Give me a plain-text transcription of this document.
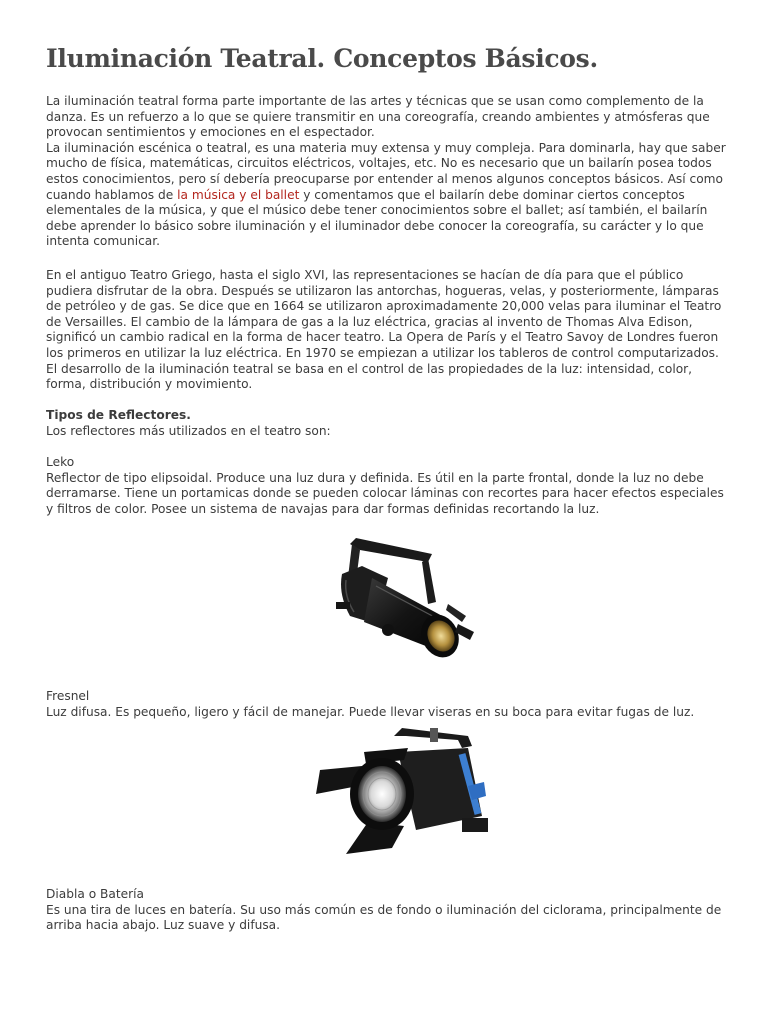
Iluminación Teatral. Conceptos Básicos.

La iluminación teatral forma parte importante de las artes y técnicas que se usan como complemento de la danza. Es un refuerzo a lo que se quiere transmitir en una coreografía, creando ambientes y atmósferas que provocan sentimientos y emociones en el espectador.

La iluminación escénica o teatral, es una materia muy extensa y muy compleja. Para dominarla, hay que saber mucho de física, matemáticas, circuitos eléctricos, voltajes, etc. No es necesario que un bailarín posea todos estos conocimientos, pero sí debería preocuparse por entender al menos algunos conceptos básicos. Así como cuando hablamos de la música y el ballet y comentamos que el bailarín debe dominar ciertos conceptos elementales de la música, y que el músico debe tener conocimientos sobre el ballet; así también, el bailarín debe aprender lo básico sobre iluminación y el iluminador debe conocer la coreografía, su carácter y lo que intenta comunicar.

En el antiguo Teatro Griego, hasta el siglo XVI, las representaciones se hacían de día para que el público pudiera disfrutar de la obra. Después se utilizaron las antorchas, hogueras, velas, y posteriormente, lámparas de petróleo y de gas. Se dice que en 1664 se utilizaron aproximadamente 20,000 velas para iluminar el Teatro de Versailles. El cambio de la lámpara de gas a la luz eléctrica, gracias al invento de Thomas Alva Edison, significó un cambio radical en la forma de hacer teatro. La Opera de París y el Teatro Savoy de Londres fueron los primeros en utilizar la luz eléctrica. En 1970 se empiezan a utilizar los tableros de control computarizados. El desarrollo de la iluminación teatral se basa en el control de las propiedades de la luz: intensidad, color, forma, distribución y movimiento.

Tipos de Reflectores.

Los reflectores más utilizados en el teatro son:

Leko

Reflector de tipo elipsoidal. Produce una luz dura y definida. Es útil en la parte frontal, donde la luz no debe derramarse. Tiene un portamicas donde se pueden colocar láminas con recortes para hacer efectos especiales y filtros de color. Posee un sistema de navajas para dar formas definidas recortando la luz.

Fresnel

Luz difusa. Es pequeño, ligero y fácil de manejar. Puede llevar viseras en su boca para evitar fugas de luz.

Diabla o Batería

Es una tira de luces en batería. Su uso más común es de fondo o iluminación del ciclorama, principalmente de arriba hacia abajo. Luz suave y difusa.
